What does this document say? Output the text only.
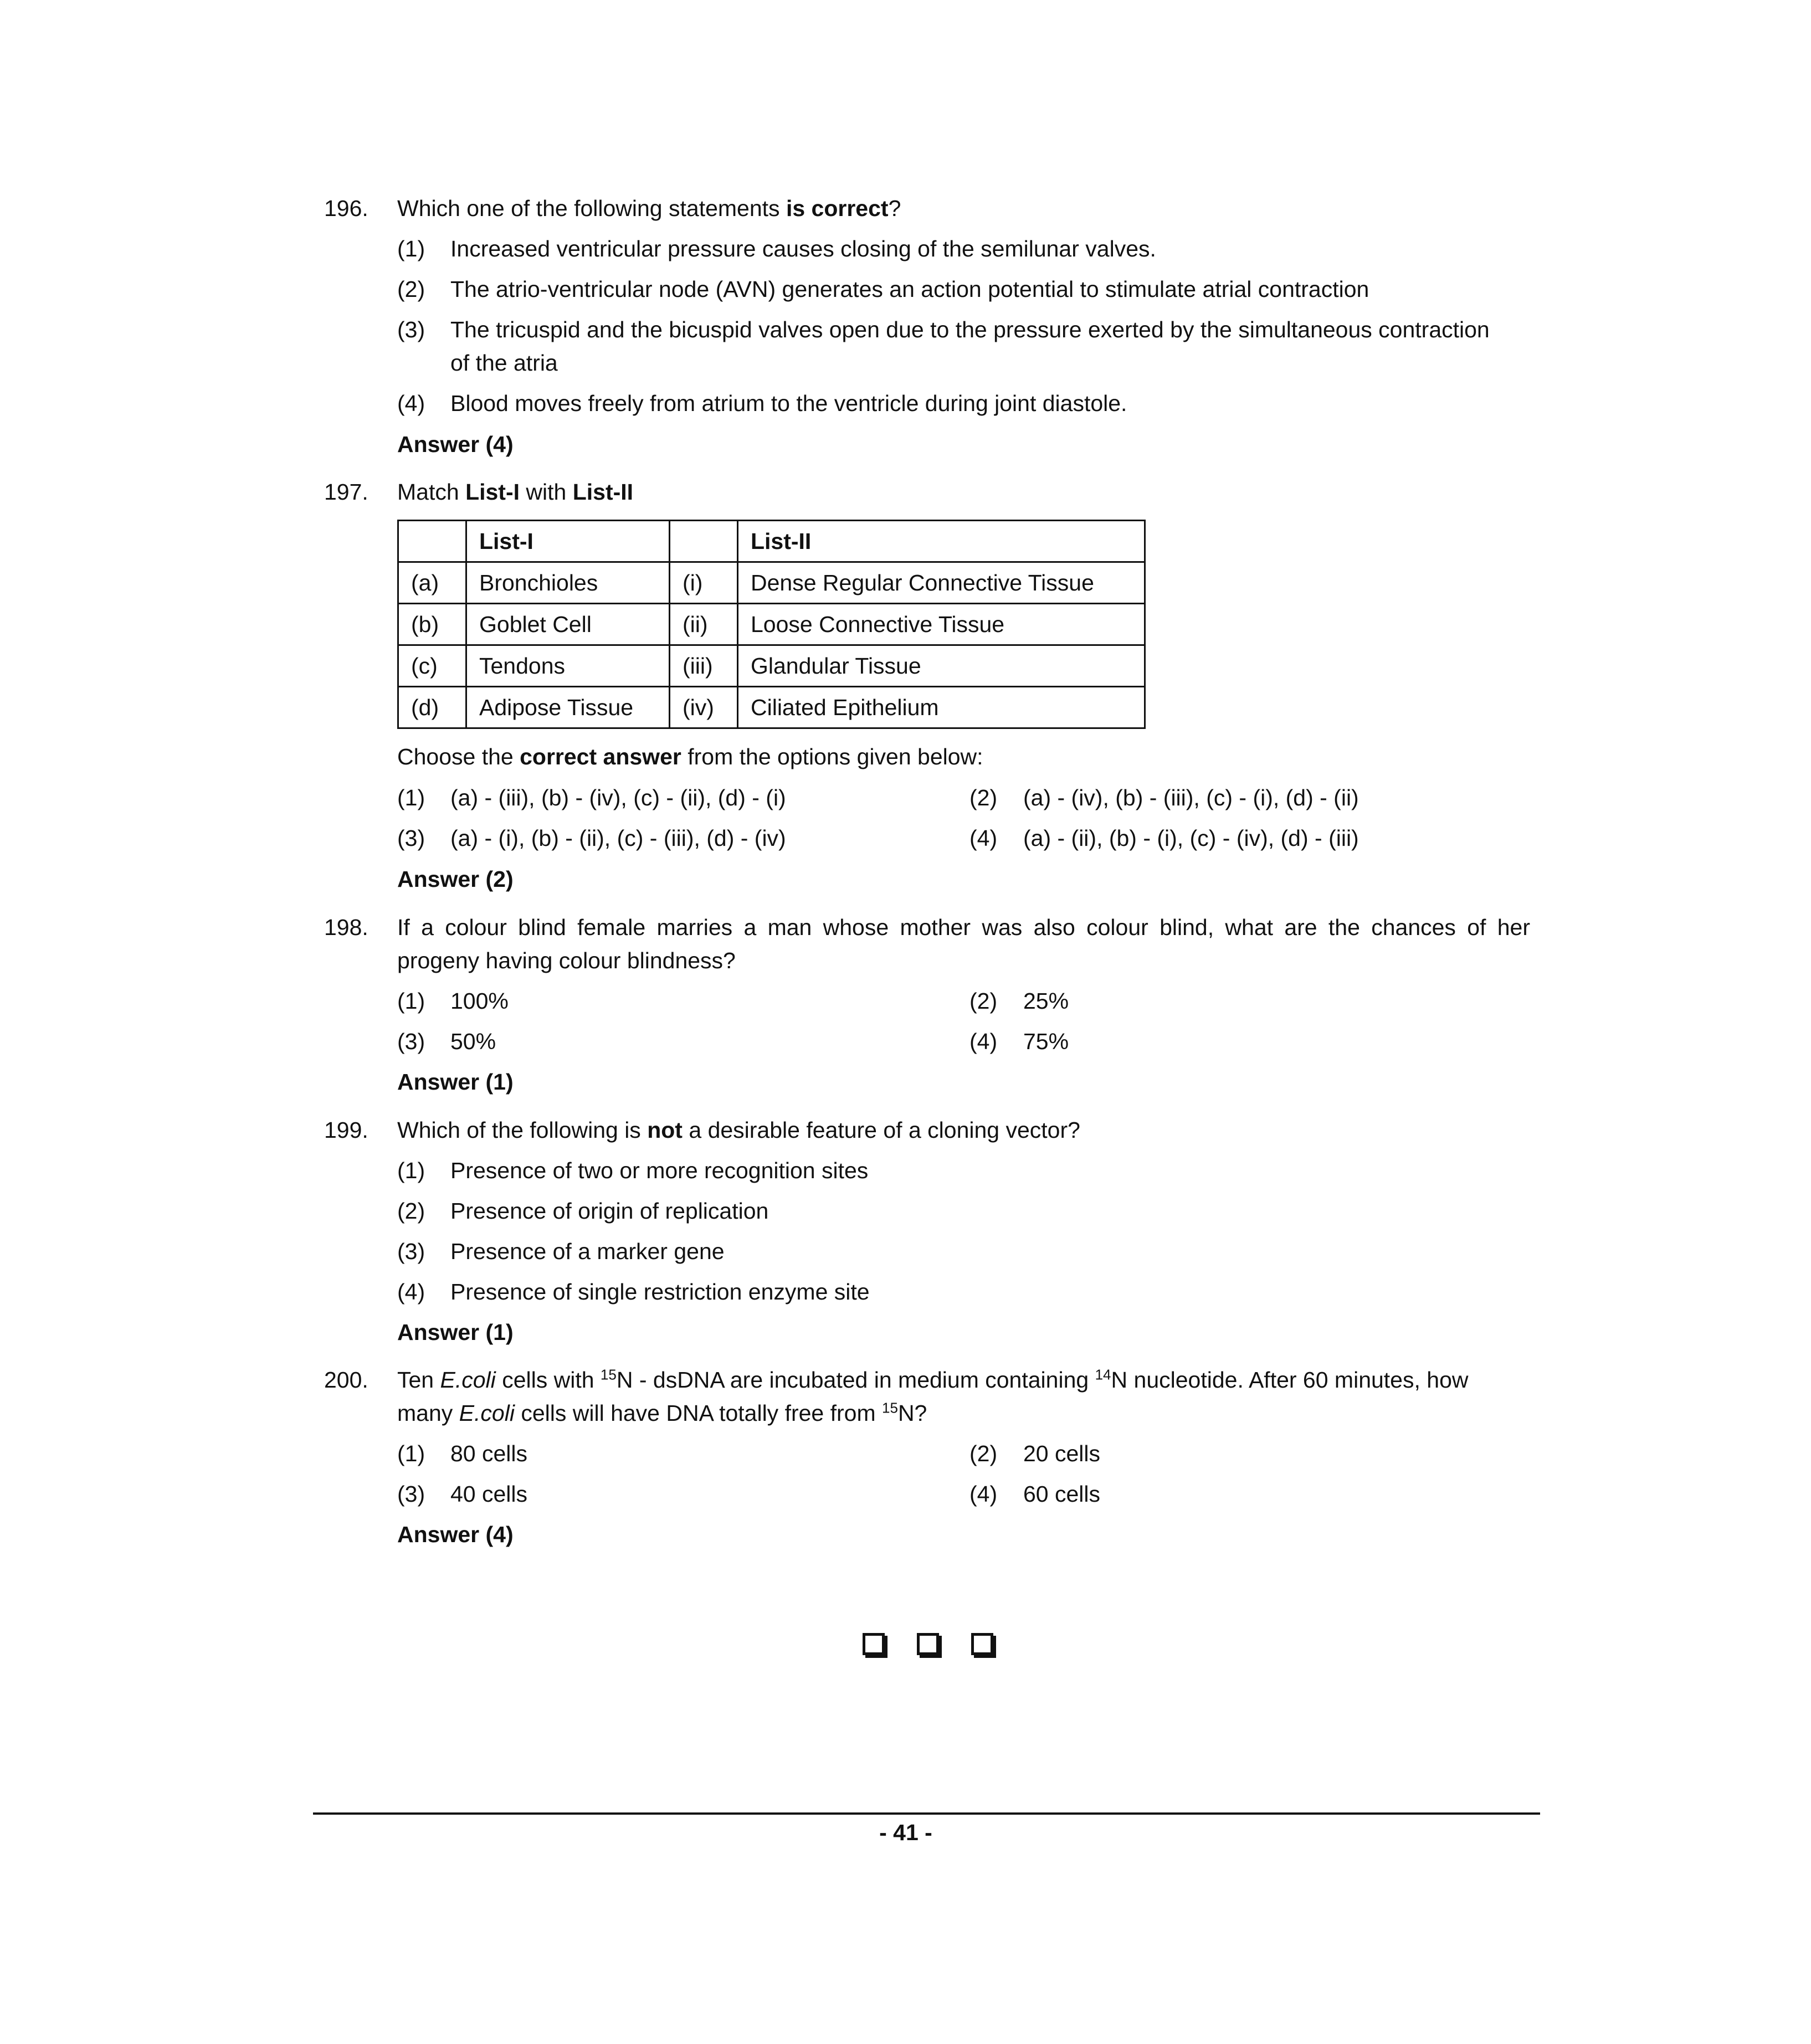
196. Which one of the following statements is correct?
(1) Increased ventricular pressure causes closing of the semilunar valves.
(2) The atrio-ventricular node (AVN) generates an action potential to stimulate atrial contraction
(3) The tricuspid and the bicuspid valves open due to the pressure exerted by the simultaneous contraction
of the atria
(4) Blood moves freely from atrium to the ventricle during joint diastole.
Answer (4)
197. Match List-I with List-II
	List-I		List-II
(a)	Bronchioles	(i)	Dense Regular Connective Tissue
(b)	Goblet Cell	(ii)	Loose Connective Tissue
(c)	Tendons	(iii)	Glandular Tissue
(d)	Adipose Tissue	(iv)	Ciliated Epithelium
Choose the correct answer from the options given below:
(1) (a) - (iii), (b) - (iv), (c) - (ii), (d) - (i)	(2) (a) - (iv), (b) - (iii), (c) - (i), (d) - (ii)
(3) (a) - (i), (b) - (ii), (c) - (iii), (d) - (iv)	(4) (a) - (ii), (b) - (i), (c) - (iv), (d) - (iii)
Answer (2)
198. If a colour blind female marries a man whose mother was also colour blind, what are the chances of her
progeny having colour blindness?
(1) 100%	(2) 25%
(3) 50%	(4) 75%
Answer (1)
199. Which of the following is not a desirable feature of a cloning vector?
(1) Presence of two or more recognition sites
(2) Presence of origin of replication
(3) Presence of a marker gene
(4) Presence of single restriction enzyme site
Answer (1)
200. Ten E.coli cells with $^{15}$N - dsDNA are incubated in medium containing $^{14}$N nucleotide. After 60 minutes, how
many E.coli cells will have DNA totally free from $^{15}$N?
(1) 80 cells	(2) 20 cells
(3) 40 cells	(4) 60 cells
Answer (4)
- 41 -
